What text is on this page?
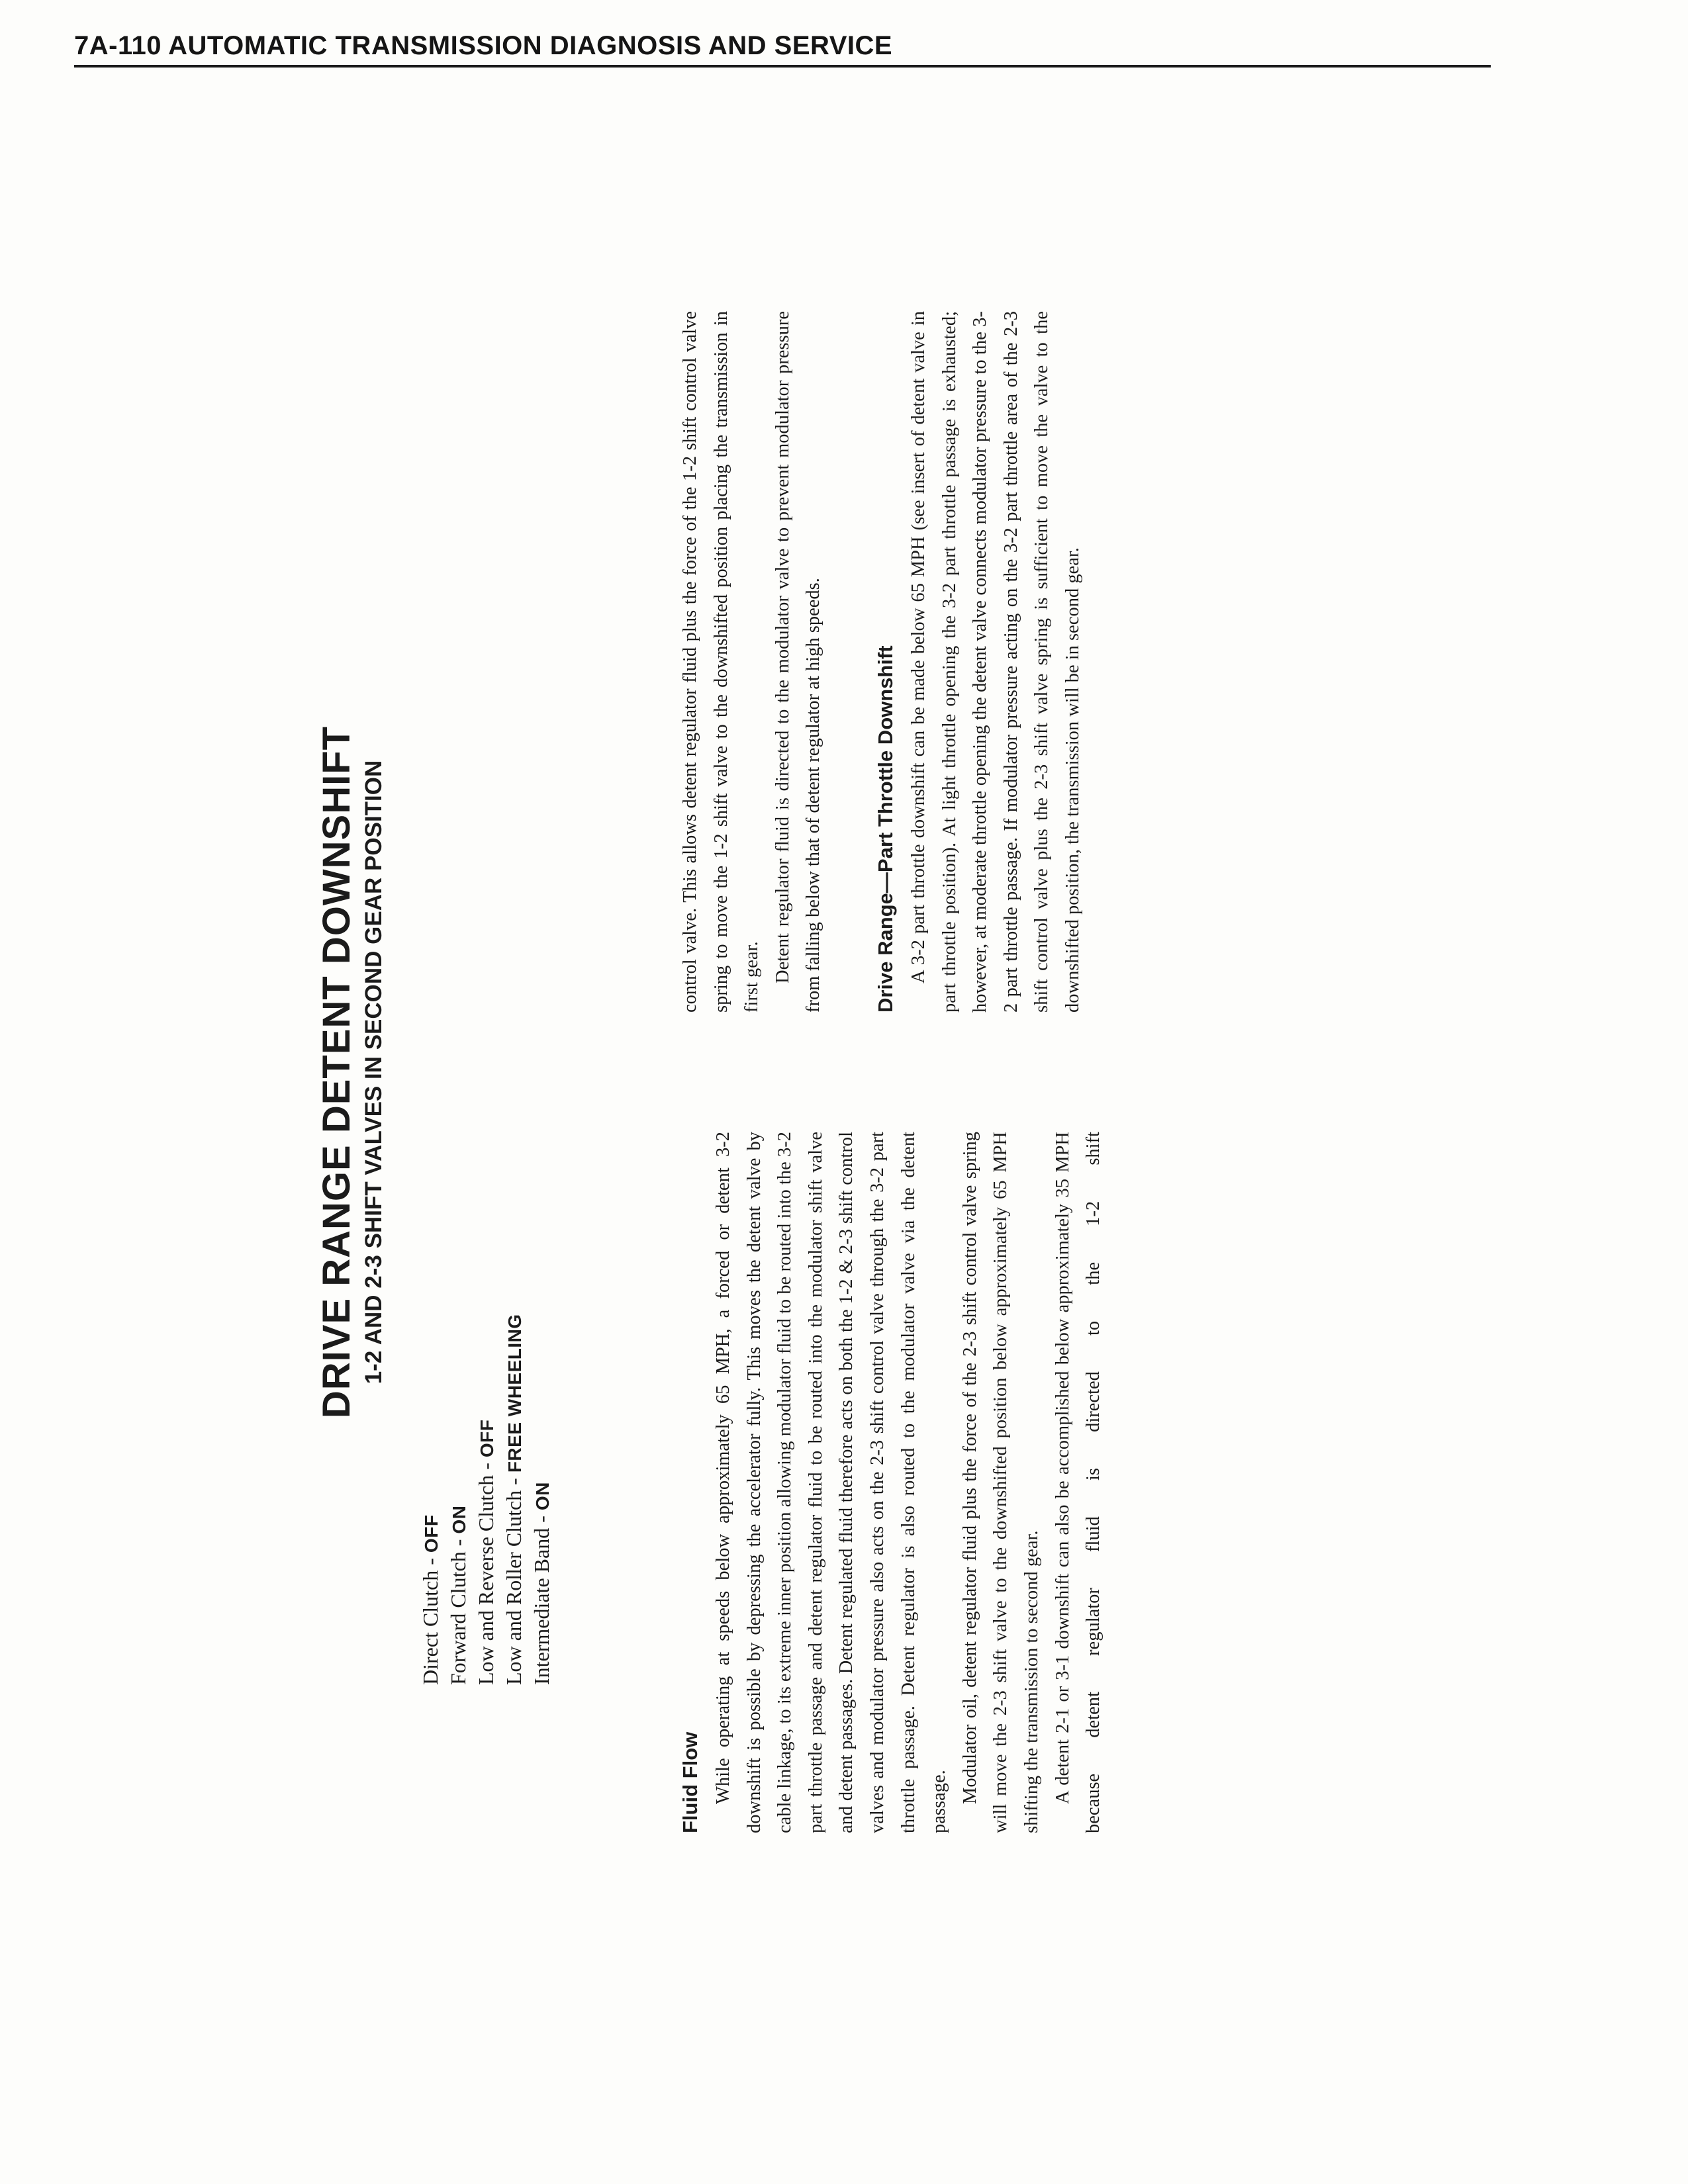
7A-110 AUTOMATIC TRANSMISSION DIAGNOSIS AND SERVICE
DRIVE RANGE DETENT DOWNSHIFT 1-2 AND 2-3 SHIFT VALVES IN SECOND GEAR POSITION
Direct Clutch - OFF
Forward Clutch - ON Low and Reverse Clutch - OFF
Low and Roller Clutch - FREE WHEELING
Intermediate Band - ON
Fluid Flow While operating at speeds below approximately 65 MPH, a forced or detent 3-2 downshift is possible by depressing the accelerator fully. This moves the detent valve by cable linkage, to its extreme inner position allowing modulator fluid to be routed into the 3-2 part throttle passage and detent regulator fluid to be routed into the modulator shift valve and detent passages. Detent regulated fluid therefore acts on both the 1-2 & 2-3 shift control valves and modulator pressure also acts on the 2-3 shift control valve through the 3-2 part throttle passage. Detent regulator is also routed to the modulator valve via the detent passage. Modulator oil, detent regulator fluid plus the force of the 2-3 shift control valve spring will move the 2-3 shift valve to the downshifted position below approximately 65 MPH shifting the transmission to second gear. A detent 2-1 or 3-1 downshift can also be accomplished below approximately 35 MPH because detent regulator fluid is directed to the 1-2 shift

control valve. This allows detent regulator fluid plus the force of the 1-2 shift control valve spring to move the 1-2 shift valve to the downshifted position placing the transmission in first gear. Detent regulator fluid is directed to the modulator valve to prevent modulator pressure from falling below that of detent regulator at high speeds. Drive Range—Part Throttle Downshift A 3-2 part throttle downshift can be made below 65 MPH (see insert of detent valve in part throttle position). At light throttle opening the 3-2 part throttle passage is exhausted; however, at moderate throttle opening the detent valve connects modulator pressure to the 3-2 part throttle passage. If modulator pressure acting on the 3-2 part throttle area of the 2-3 shift control valve plus the 2-3 shift valve spring is sufficient to move the valve to the downshifted position, the transmission will be in second gear.
